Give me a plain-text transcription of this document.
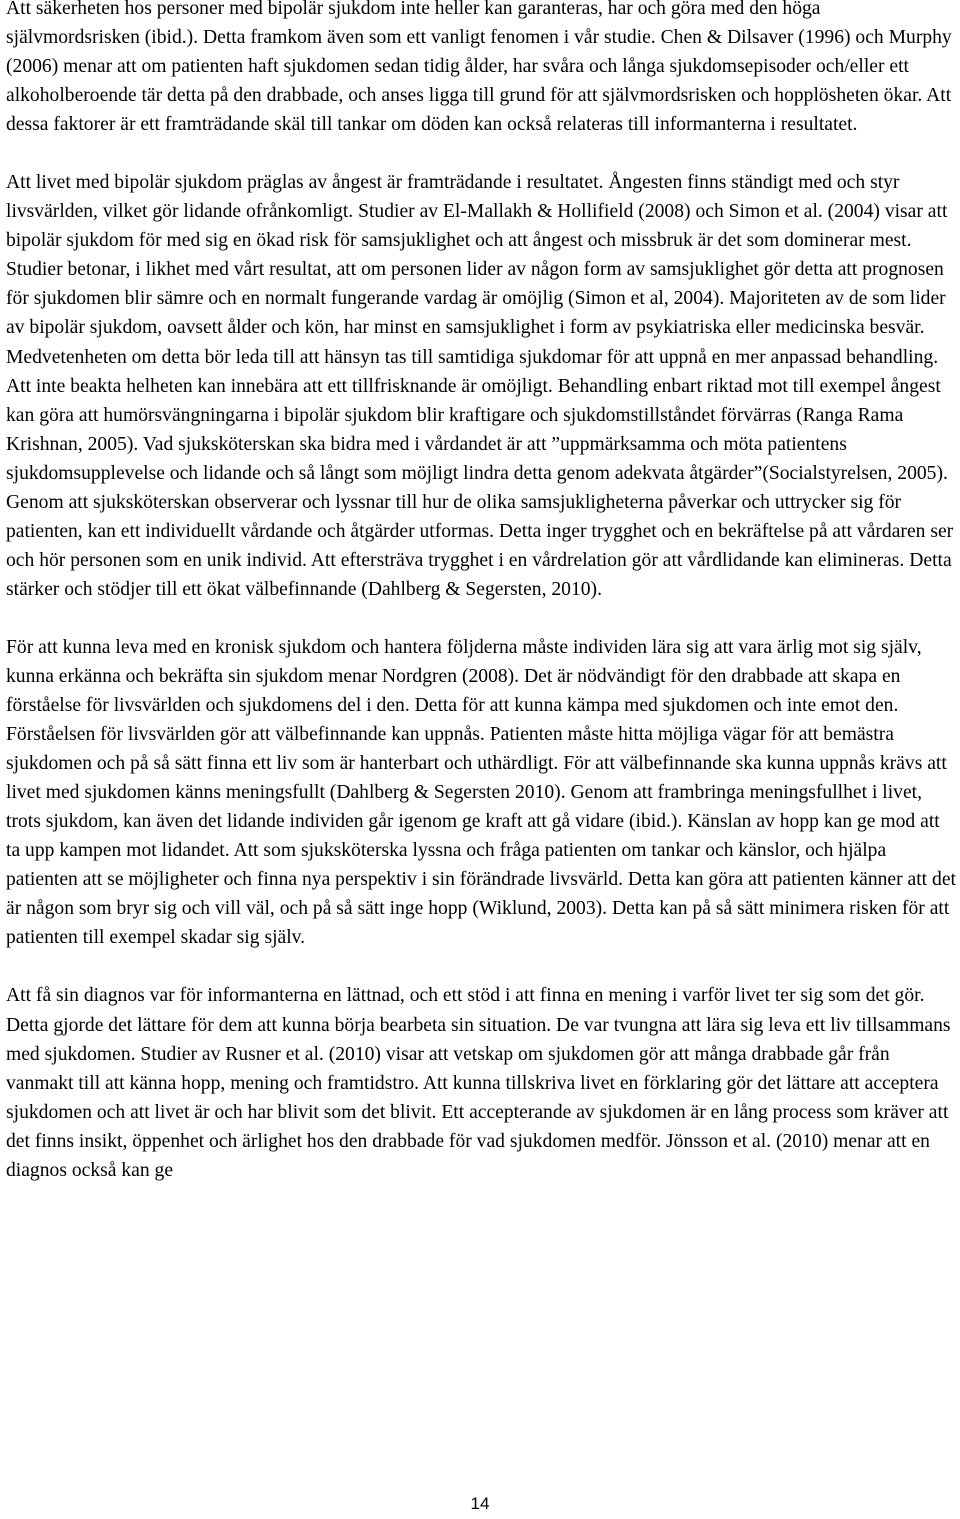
Att säkerheten hos personer med bipolär sjukdom inte heller kan garanteras, har och göra med den höga självmordsrisken (ibid.). Detta framkom även som ett vanligt fenomen i vår studie. Chen & Dilsaver (1996) och Murphy (2006) menar att om patienten haft sjukdomen sedan tidig ålder, har svåra och långa sjukdomsepisoder och/eller ett alkoholberoende tär detta på den drabbade, och anses ligga till grund för att självmordsrisken och hopplösheten ökar. Att dessa faktorer är ett framträdande skäl till tankar om döden kan också relateras till informanterna i resultatet.

Att livet med bipolär sjukdom präglas av ångest är framträdande i resultatet. Ångesten finns ständigt med och styr livsvärlden, vilket gör lidande ofrånkomligt. Studier av El-Mallakh & Hollifield (2008) och Simon et al. (2004) visar att bipolär sjukdom för med sig en ökad risk för samsjuklighet och att ångest och missbruk är det som dominerar mest. Studier betonar, i likhet med vårt resultat, att om personen lider av någon form av samsjuklighet gör detta att prognosen för sjukdomen blir sämre och en normalt fungerande vardag är omöjlig (Simon et al, 2004). Majoriteten av de som lider av bipolär sjukdom, oavsett ålder och kön, har minst en samsjuklighet i form av psykiatriska eller medicinska besvär. Medvetenheten om detta bör leda till att hänsyn tas till samtidiga sjukdomar för att uppnå en mer anpassad behandling. Att inte beakta helheten kan innebära att ett tillfrisknande är omöjligt. Behandling enbart riktad mot till exempel ångest kan göra att humörsvängningarna i bipolär sjukdom blir kraftigare och sjukdomstillståndet förvärras (Ranga Rama Krishnan, 2005). Vad sjuksköterskan ska bidra med i vårdandet är att ”uppmärksamma och möta patientens sjukdomsupplevelse och lidande och så långt som möjligt lindra detta genom adekvata åtgärder”(Socialstyrelsen, 2005). Genom att sjuksköterskan observerar och lyssnar till hur de olika samsjukligheterna påverkar och uttrycker sig för patienten, kan ett individuellt vårdande och åtgärder utformas. Detta inger trygghet och en bekräftelse på att vårdaren ser och hör personen som en unik individ. Att eftersträva trygghet i en vårdrelation gör att vårdlidande kan elimineras. Detta stärker och stödjer till ett ökat välbefinnande (Dahlberg & Segersten, 2010).

För att kunna leva med en kronisk sjukdom och hantera följderna måste individen lära sig att vara ärlig mot sig själv, kunna erkänna och bekräfta sin sjukdom menar Nordgren (2008). Det är nödvändigt för den drabbade att skapa en förståelse för livsvärlden och sjukdomens del i den. Detta för att kunna kämpa med sjukdomen och inte emot den. Förståelsen för livsvärlden gör att välbefinnande kan uppnås. Patienten måste hitta möjliga vägar för att bemästra sjukdomen och på så sätt finna ett liv som är hanterbart och uthärdligt. För att välbefinnande ska kunna uppnås krävs att livet med sjukdomen känns meningsfullt (Dahlberg & Segersten 2010). Genom att frambringa meningsfullhet i livet, trots sjukdom, kan även det lidande individen går igenom ge kraft att gå vidare (ibid.). Känslan av hopp kan ge mod att ta upp kampen mot lidandet. Att som sjuksköterska lyssna och fråga patienten om tankar och känslor, och hjälpa patienten att se möjligheter och finna nya perspektiv i sin förändrade livsvärld. Detta kan göra att patienten känner att det är någon som bryr sig och vill väl, och på så sätt inge hopp (Wiklund, 2003). Detta kan på så sätt minimera risken för att patienten till exempel skadar sig själv.

Att få sin diagnos var för informanterna en lättnad, och ett stöd i att finna en mening i varför livet ter sig som det gör. Detta gjorde det lättare för dem att kunna börja bearbeta sin situation. De var tvungna att lära sig leva ett liv tillsammans med sjukdomen. Studier av Rusner et al. (2010) visar att vetskap om sjukdomen gör att många drabbade går från vanmakt till att känna hopp, mening och framtidstro. Att kunna tillskriva livet en förklaring gör det lättare att acceptera sjukdomen och att livet är och har blivit som det blivit. Ett accepterande av sjukdomen är en lång process som kräver att det finns insikt, öppenhet och ärlighet hos den drabbade för vad sjukdomen medför. Jönsson et al. (2010) menar att en diagnos också kan ge

14
